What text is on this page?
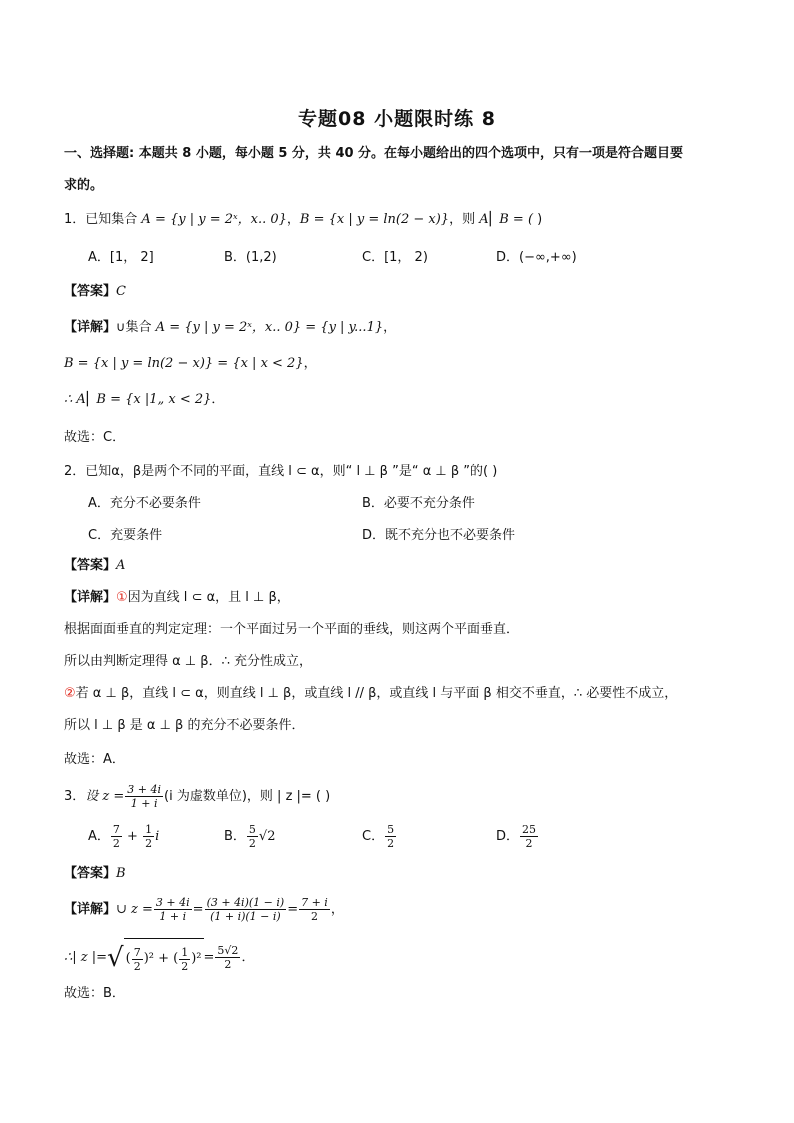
专题08 小题限时练 8
一、选择题: 本题共 8 小题，每小题 5 分，共 40 分。在每小题给出的四个选项中，只有一项是符合题目要
求的。
1．已知集合 A = {y | y = 2ˣ，x.. 0}，B = {x | y = ln(2 − x)}，则 A⎜ B = ( )
A．[1， 2]	B．(1,2)	C．[1， 2)	D．(−∞,+∞)
【答案】C
【详解】∪集合 A = {y | y = 2ˣ，x.. 0} = {y | y...1}，
B = {x | y = ln(2 − x)} = {x | x < 2}，
∴ A⎜ B = {x |1„ x < 2}．
故选：C．
2．已知α，β是两个不同的平面，直线 l ⊂ α，则“ l ⊥ β ”是“ α ⊥ β ”的( )
A．充分不必要条件	B．必要不充分条件
C．充要条件	D．既不充分也不必要条件
【答案】A
【详解】①因为直线 l ⊂ α，且 l ⊥ β，
根据面面垂直的判定定理：一个平面过另一个平面的垂线，则这两个平面垂直．
所以由判断定理得 α ⊥ β．∴ 充分性成立，
②若 α ⊥ β，直线 l ⊂ α，则直线 l ⊥ β，或直线 l // β，或直线 l 与平面 β 相交不垂直，∴ 必要性不成立，
所以 l ⊥ β 是 α ⊥ β 的充分不必要条件．
故选：A．
3．设 $z = \frac{3 + 4i}{1 + i} (i$ 为虚数单位)，则 | z |= ( )
A． $\frac{7}{2} + \frac{1}{2}$ i	B． $\frac{5}{2} √2$	C． $\frac{5}{2}$	D． $\frac{25}{2}$
【答案】B
【详解】∪ $z = \frac{3 + 4i}{1 + i} = \frac{(3 + 4i)(1 - i)}{(1 + i)(1 - i)} = \frac{7 + i}{2}$ ，
∴| z |= √ ( $\frac{7}{2} )^2$ + ( $\frac{1}{2} )^2 = \frac{5√2}{2}$ ．
故选：B．
